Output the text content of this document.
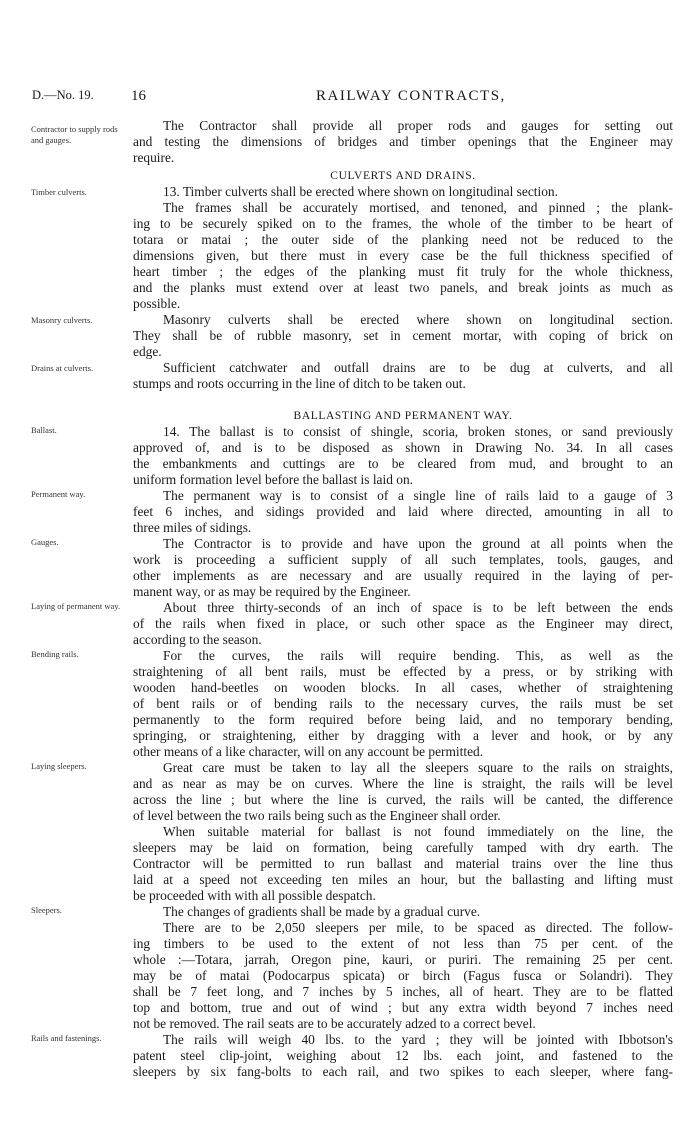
D.—No. 19. 16	RAILWAY CONTRACTS,
Contractor to supply rods and gauges.
Timber culverts.
Masonry culverts.
Drains at culverts.
Ballast.
Permanent way.
Gauges.
Laying of permanent way.
Bending rails.
Laying sleepers.
Sleepers.
Rails and fastenings.
CULVERTS AND DRAINS.
BALLASTING AND PERMANENT WAY.
The Contractor shall provide all proper rods and gauges for setting out
and testing the dimensions of bridges and timber openings that the Engineer may
require.
13. Timber culverts shall be erected where shown on longitudinal section.
The frames shall be accurately mortised, and tenoned, and pinned ; the plank-
ing to be securely spiked on to the frames, the whole of the timber to be heart of
totara or matai ; the outer side of the planking need not be reduced to the
dimensions given, but there must in every case be the full thickness specified of
heart timber ; the edges of the planking must fit truly for the whole thickness,
and the planks must extend over at least two panels, and break joints as much as
possible.
Masonry culverts shall be erected where shown on longitudinal section.
They shall be of rubble masonry, set in cement mortar, with coping of brick on
edge.
Sufficient catchwater and outfall drains are to be dug at culverts, and all
stumps and roots occurring in the line of ditch to be taken out.
14. The ballast is to consist of shingle, scoria, broken stones, or sand previously
approved of, and is to be disposed as shown in Drawing No. 34. In all cases
the embankments and cuttings are to be cleared from mud, and brought to an
uniform formation level before the ballast is laid on.
The permanent way is to consist of a single line of rails laid to a gauge of 3
feet 6 inches, and sidings provided and laid where directed, amounting in all to
three miles of sidings.
The Contractor is to provide and have upon the ground at all points when the
work is proceeding a sufficient supply of all such templates, tools, gauges, and
other implements as are necessary and are usually required in the laying of per-
manent way, or as may be required by the Engineer.
About three thirty-seconds of an inch of space is to be left between the ends
of the rails when fixed in place, or such other space as the Engineer may direct,
according to the season.
For the curves, the rails will require bending. This, as well as the
straightening of all bent rails, must be effected by a press, or by striking with
wooden hand-beetles on wooden blocks. In all cases, whether of straightening
of bent rails or of bending rails to the necessary curves, the rails must be set
permanently to the form required before being laid, and no temporary bending,
springing, or straightening, either by dragging with a lever and hook, or by any
other means of a like character, will on any account be permitted.
Great care must be taken to lay all the sleepers square to the rails on straights,
and as near as may be on curves. Where the line is straight, the rails will be level
across the line ; but where the line is curved, the rails will be canted, the difference
of level between the two rails being such as the Engineer shall order.
When suitable material for ballast is not found immediately on the line, the
sleepers may be laid on formation, being carefully tamped with dry earth. The
Contractor will be permitted to run ballast and material trains over the line thus
laid at a speed not exceeding ten miles an hour, but the ballasting and lifting must
be proceeded with with all possible despatch.
The changes of gradients shall be made by a gradual curve.
There are to be 2,050 sleepers per mile, to be spaced as directed. The follow-
ing timbers to be used to the extent of not less than 75 per cent. of the
whole :—Totara, jarrah, Oregon pine, kauri, or puriri. The remaining 25 per cent.
may be of matai (Podocarpus spicata) or birch (Fagus fusca or Solandri). They
shall be 7 feet long, and 7 inches by 5 inches, all of heart. They are to be flatted
top and bottom, true and out of wind ; but any extra width beyond 7 inches need
not be removed. The rail seats are to be accurately adzed to a correct bevel.
The rails will weigh 40 lbs. to the yard ; they will be jointed with Ibbotson's
patent steel clip-joint, weighing about 12 lbs. each joint, and fastened to the
sleepers by six fang-bolts to each rail, and two spikes to each sleeper, where fang-
